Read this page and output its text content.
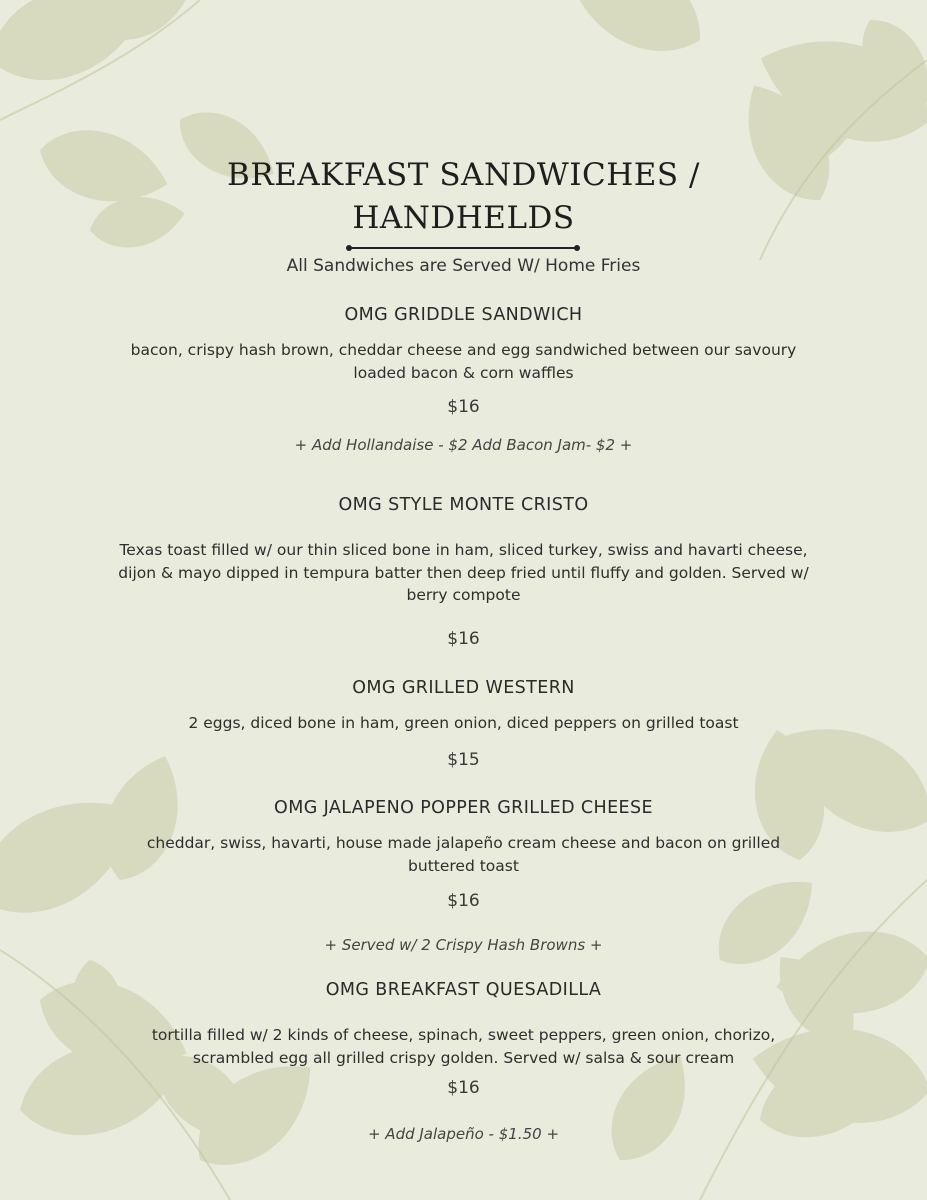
BREAKFAST SANDWICHES /
HANDHELDS
All Sandwiches are Served W/ Home Fries
OMG GRIDDLE SANDWICH
bacon, crispy hash brown, cheddar cheese and egg sandwiched between our savoury loaded bacon & corn waffles
$16
+ Add Hollandaise - $2 Add Bacon Jam- $2 +
OMG STYLE MONTE CRISTO
Texas toast filled w/ our thin sliced bone in ham, sliced turkey, swiss and havarti cheese, dijon & mayo dipped in tempura batter then deep fried until fluffy and golden. Served w/ berry compote
$16
OMG GRILLED WESTERN
2 eggs, diced bone in ham, green onion, diced peppers on grilled toast
$15
OMG JALAPENO POPPER GRILLED CHEESE
cheddar, swiss, havarti, house made jalapeño cream cheese and bacon on grilled buttered toast
$16
+ Served w/ 2 Crispy Hash Browns +
OMG BREAKFAST QUESADILLA
tortilla filled w/ 2 kinds of cheese, spinach, sweet peppers, green onion, chorizo, scrambled egg all grilled crispy golden. Served w/ salsa & sour cream
$16
+ Add Jalapeño - $1.50 +
